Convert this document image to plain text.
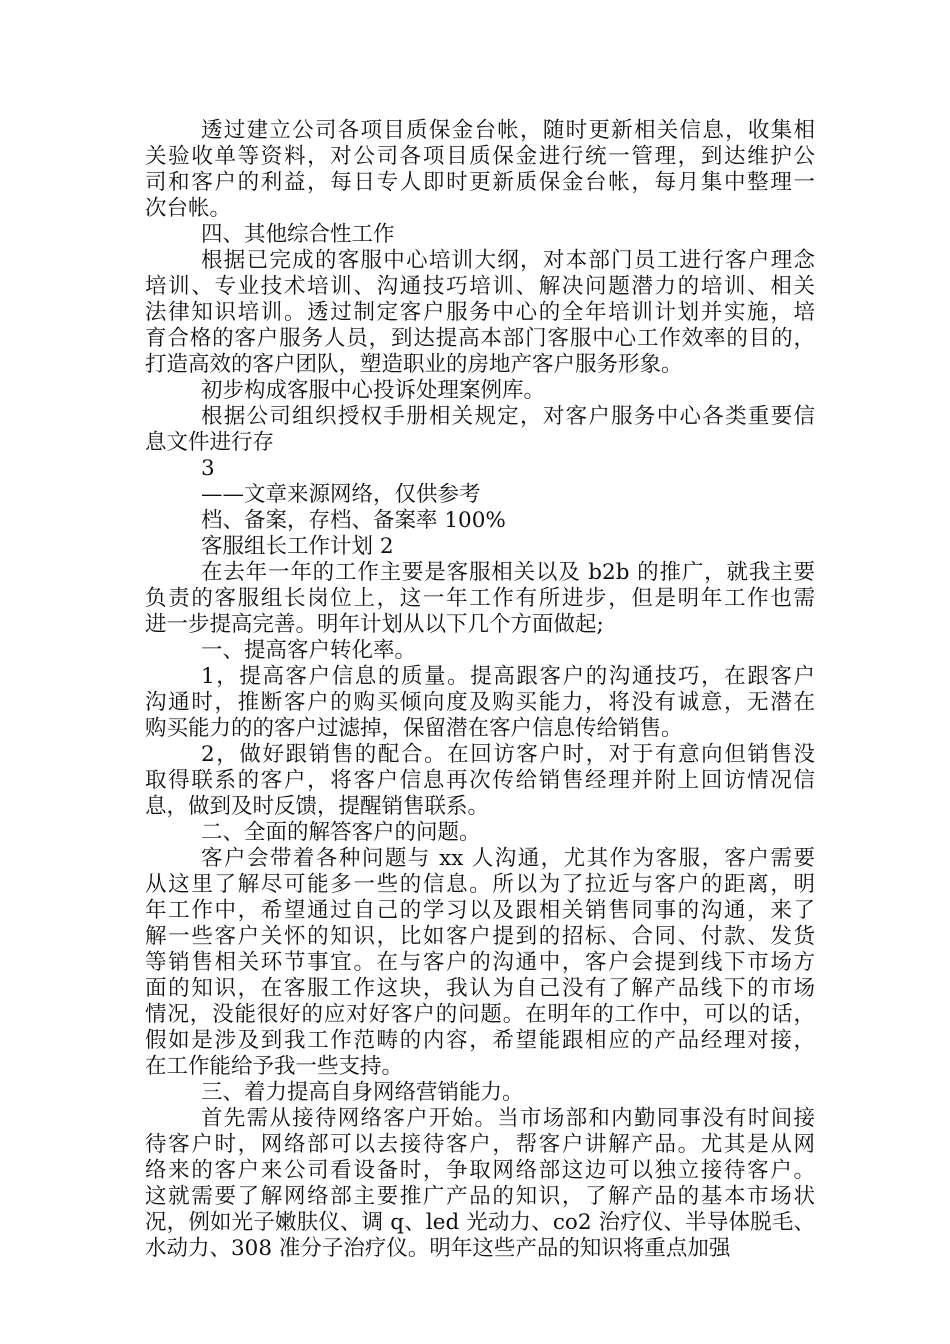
透过建立公司各项目质保金台帐，随时更新相关信息，收集相
关验收单等资料，对公司各项目质保金进行统一管理，到达维护公
司和客户的利益，每日专人即时更新质保金台帐，每月集中整理一
次台帐。
四、其他综合性工作
根据已完成的客服中心培训大纲，对本部门员工进行客户理念
培训、专业技术培训、沟通技巧培训、解决问题潜力的培训、相关
法律知识培训。透过制定客户服务中心的全年培训计划并实施，培
育合格的客户服务人员，到达提高本部门客服中心工作效率的目的，
打造高效的客户团队，塑造职业的房地产客户服务形象。
初步构成客服中心投诉处理案例库。
根据公司组织授权手册相关规定，对客户服务中心各类重要信
息文件进行存
3
——文章来源网络，仅供参考
档、备案，存档、备案率 100%
客服组长工作计划 2
在去年一年的工作主要是客服相关以及 b2b 的推广，就我主要
负责的客服组长岗位上，这一年工作有所进步，但是明年工作也需
进一步提高完善。明年计划从以下几个方面做起;
一、提高客户转化率。
1，提高客户信息的质量。提高跟客户的沟通技巧，在跟客户
沟通时，推断客户的购买倾向度及购买能力，将没有诚意，无潜在
购买能力的的客户过滤掉，保留潜在客户信息传给销售。
2，做好跟销售的配合。在回访客户时，对于有意向但销售没
取得联系的客户，将客户信息再次传给销售经理并附上回访情况信
息，做到及时反馈，提醒销售联系。
二、全面的解答客户的问题。
客户会带着各种问题与 xx 人沟通，尤其作为客服，客户需要
从这里了解尽可能多一些的信息。所以为了拉近与客户的距离，明
年工作中，希望通过自己的学习以及跟相关销售同事的沟通，来了
解一些客户关怀的知识，比如客户提到的招标、合同、付款、发货
等销售相关环节事宜。在与客户的沟通中，客户会提到线下市场方
面的知识，在客服工作这块，我认为自己没有了解产品线下的市场
情况，没能很好的应对好客户的问题。在明年的工作中，可以的话，
假如是涉及到我工作范畴的内容，希望能跟相应的产品经理对接，
在工作能给予我一些支持。
三、着力提高自身网络营销能力。
首先需从接待网络客户开始。当市场部和内勤同事没有时间接
待客户时，网络部可以去接待客户，帮客户讲解产品。尤其是从网
络来的客户来公司看设备时，争取网络部这边可以独立接待客户。
这就需要了解网络部主要推广产品的知识，了解产品的基本市场状
况，例如光子嫩肤仪、调 q、led 光动力、co2 治疗仪、半导体脱毛、
水动力、308 准分子治疗仪。明年这些产品的知识将重点加强
